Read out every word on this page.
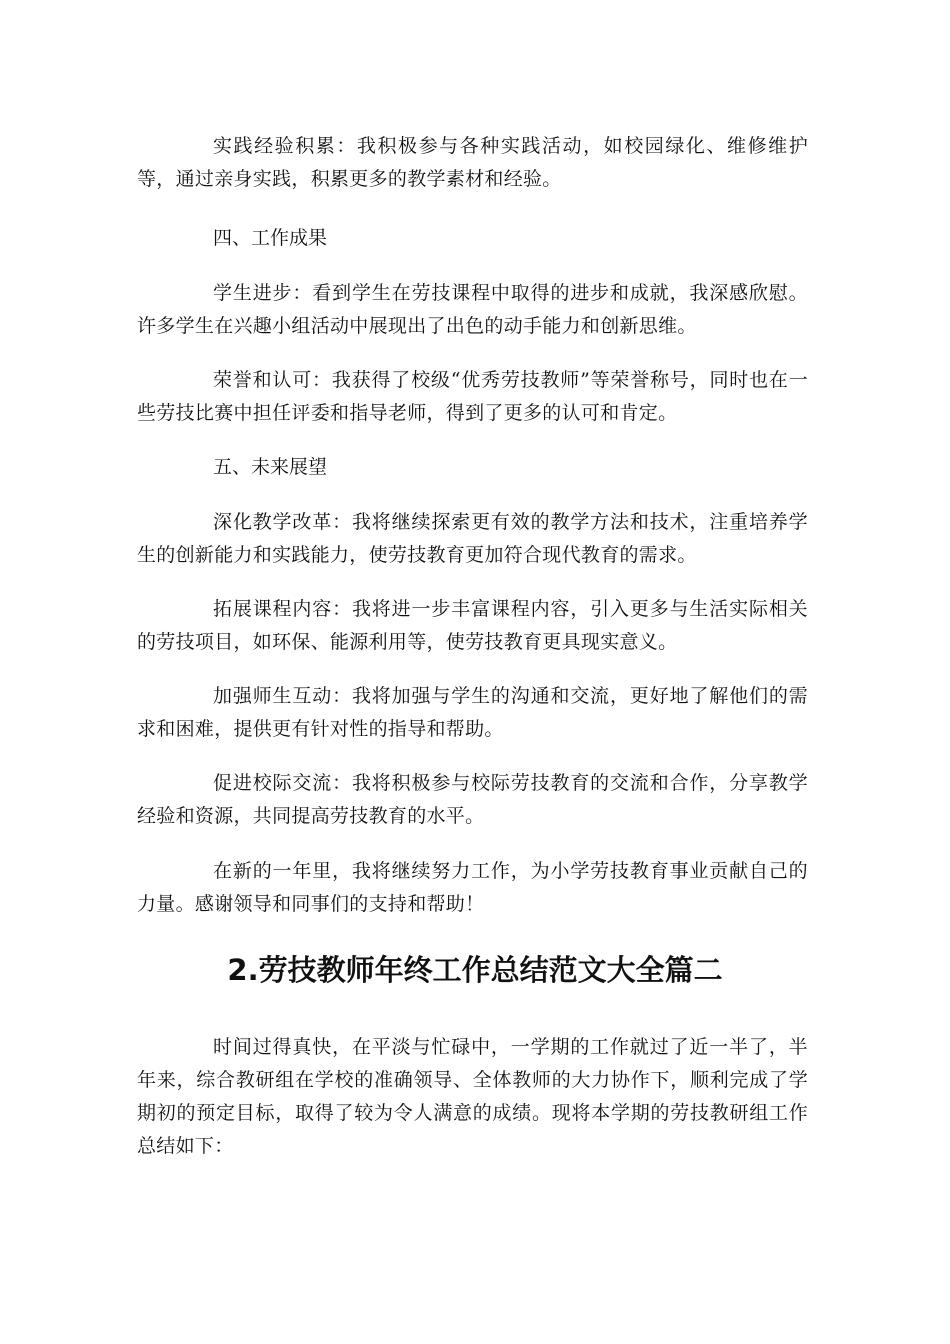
实践经验积累：我积极参与各种实践活动，如校园绿化、维修维护等，通过亲身实践，积累更多的教学素材和经验。

四、工作成果

学生进步：看到学生在劳技课程中取得的进步和成就，我深感欣慰。许多学生在兴趣小组活动中展现出了出色的动手能力和创新思维。

荣誉和认可：我获得了校级“优秀劳技教师”等荣誉称号，同时也在一些劳技比赛中担任评委和指导老师，得到了更多的认可和肯定。

五、未来展望

深化教学改革：我将继续探索更有效的教学方法和技术，注重培养学生的创新能力和实践能力，使劳技教育更加符合现代教育的需求。

拓展课程内容：我将进一步丰富课程内容，引入更多与生活实际相关的劳技项目，如环保、能源利用等，使劳技教育更具现实意义。

加强师生互动：我将加强与学生的沟通和交流，更好地了解他们的需求和困难，提供更有针对性的指导和帮助。

促进校际交流：我将积极参与校际劳技教育的交流和合作，分享教学经验和资源，共同提高劳技教育的水平。

在新的一年里，我将继续努力工作，为小学劳技教育事业贡献自己的力量。感谢领导和同事们的支持和帮助！

2.劳技教师年终工作总结范文大全篇二

时间过得真快，在平淡与忙碌中，一学期的工作就过了近一半了，半年来，综合教研组在学校的准确领导、全体教师的大力协作下，顺利完成了学期初的预定目标，取得了较为令人满意的成绩。现将本学期的劳技教研组工作总结如下：
